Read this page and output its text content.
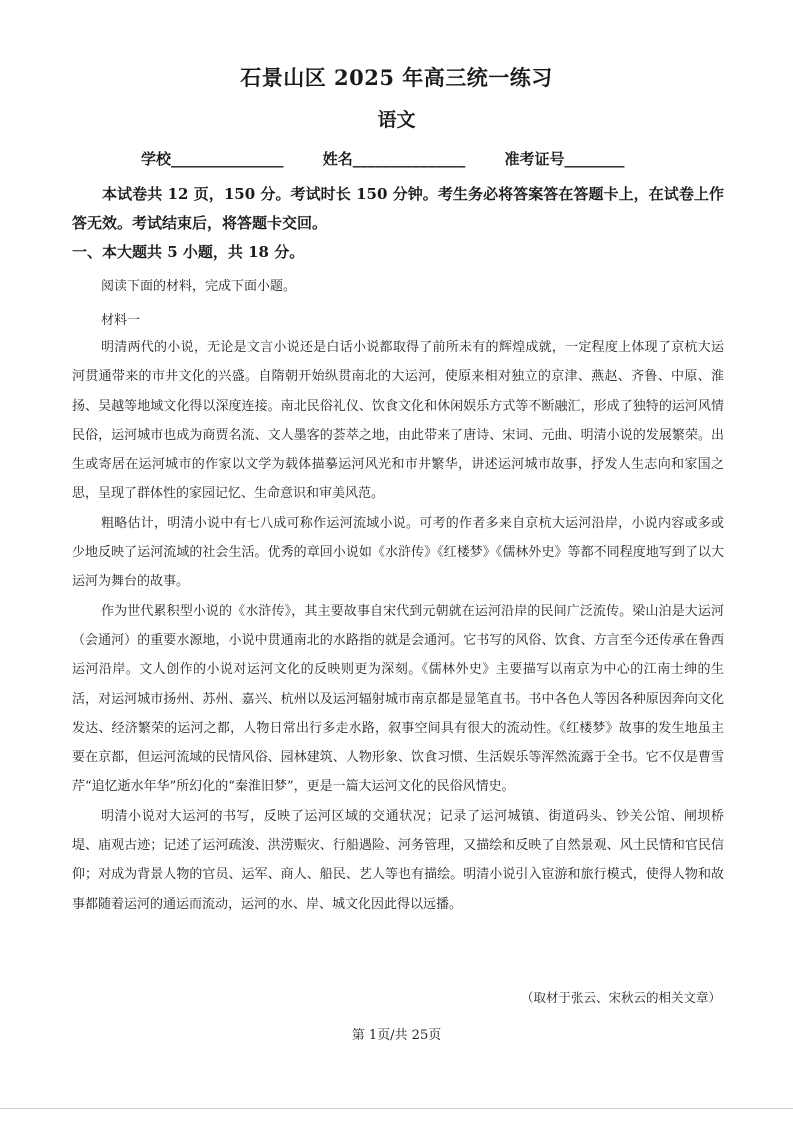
石景山区 2025 年高三统一练习
语文
学校_______________	姓名_______________	准考证号________
本试卷共 12 页，150 分。考试时长 150 分钟。考生务必将答案答在答题卡上，在试卷上作答无效。考试结束后，将答题卡交回。
一、本大题共 5 小题，共 18 分。
阅读下面的材料，完成下面小题。
材料一

明清两代的小说，无论是文言小说还是白话小说都取得了前所未有的辉煌成就，一定程度上体现了京杭大运河贯通带来的市井文化的兴盛。自隋朝开始纵贯南北的大运河，使原来相对独立的京津、燕赵、齐鲁、中原、淮扬、吴越等地域文化得以深度连接。南北民俗礼仪、饮食文化和休闲娱乐方式等不断融汇，形成了独特的运河风情民俗，运河城市也成为商贾名流、文人墨客的荟萃之地，由此带来了唐诗、宋词、元曲、明清小说的发展繁荣。出生或寄居在运河城市的作家以文学为载体描摹运河风光和市井繁华，讲述运河城市故事，抒发人生志向和家国之思，呈现了群体性的家园记忆、生命意识和审美风范。

粗略估计，明清小说中有七八成可称作运河流域小说。可考的作者多来自京杭大运河沿岸，小说内容或多或少地反映了运河流域的社会生活。优秀的章回小说如《水浒传》《红楼梦》《儒林外史》等都不同程度地写到了以大运河为舞台的故事。

作为世代累积型小说的《水浒传》，其主要故事自宋代到元朝就在运河沿岸的民间广泛流传。梁山泊是大运河（会通河）的重要水源地，小说中贯通南北的水路指的就是会通河。它书写的风俗、饮食、方言至今还传承在鲁西运河沿岸。文人创作的小说对运河文化的反映则更为深刻。《儒林外史》主要描写以南京为中心的江南士绅的生活，对运河城市扬州、苏州、嘉兴、杭州以及运河辐射城市南京都是显笔直书。书中各色人等因各种原因奔向文化发达、经济繁荣的运河之都，人物日常出行多走水路，叙事空间具有很大的流动性。《红楼梦》故事的发生地虽主要在京都，但运河流域的民情风俗、园林建筑、人物形象、饮食习惯、生活娱乐等浑然流露于全书。它不仅是曹雪芹“追忆逝水年华”所幻化的“秦淮旧梦”，更是一篇大运河文化的民俗风情史。

明清小说对大运河的书写，反映了运河区域的交通状况；记录了运河城镇、街道码头、钞关公馆、闸坝桥堤、庙观古迹；记述了运河疏浚、洪涝赈灾、行船遇险、河务管理，又描绘和反映了自然景观、风土民情和官民信仰；对成为背景人物的官员、运军、商人、船民、艺人等也有描绘。明清小说引入宦游和旅行模式，使得人物和故事都随着运河的通运而流动，运河的水、岸、城文化因此得以远播。

（取材于张云、宋秋云的相关文章）
第 1页/共 25页
